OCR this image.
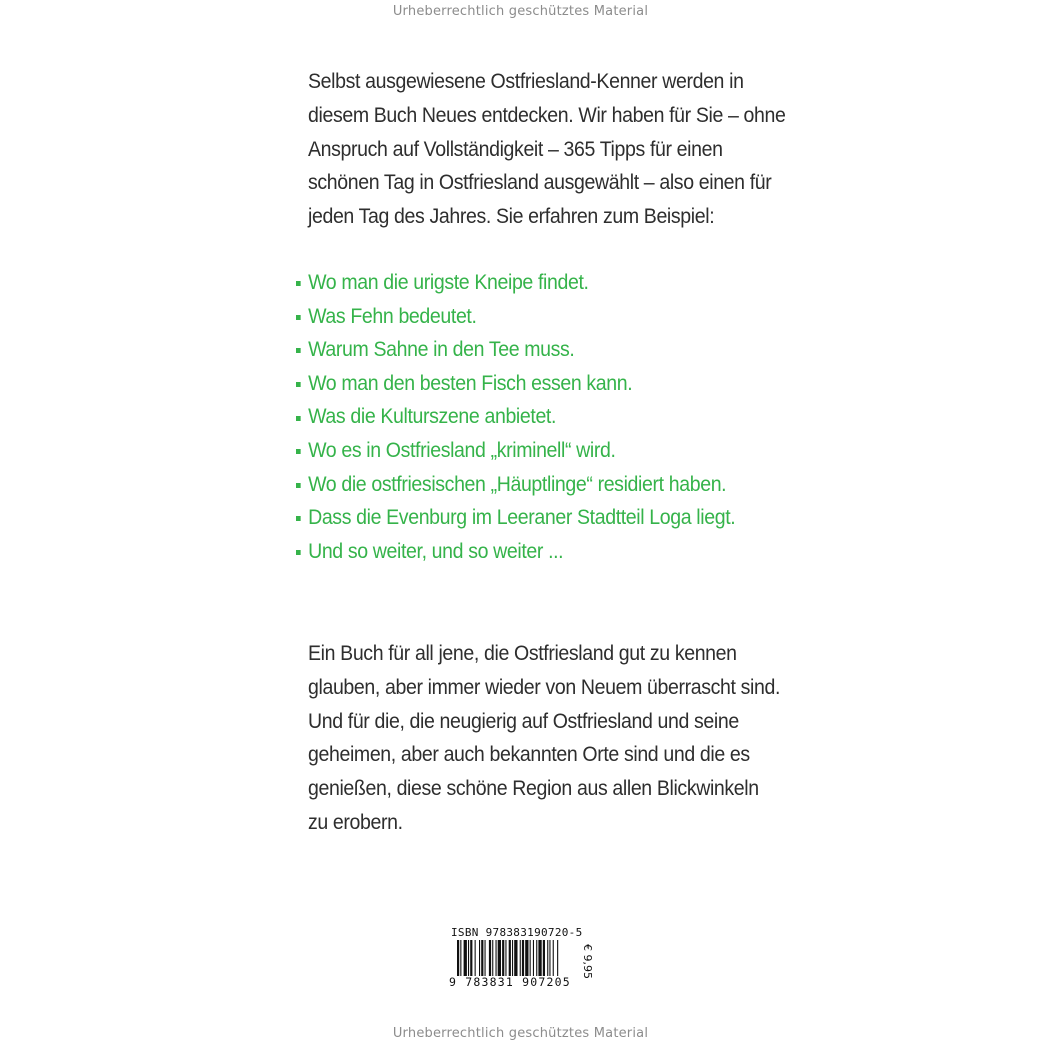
Urheberrechtlich geschütztes Material
Selbst ausgewiesene Ostfriesland-Kenner werden in
diesem Buch Neues entdecken. Wir haben für Sie – ohne
Anspruch auf Vollständigkeit – 365 Tipps für einen
schönen Tag in Ostfriesland ausgewählt – also einen für
jeden Tag des Jahres. Sie erfahren zum Beispiel:
Wo man die urigste Kneipe findet.
Was Fehn bedeutet.
Warum Sahne in den Tee muss.
Wo man den besten Fisch essen kann.
Was die Kulturszene anbietet.
Wo es in Ostfriesland „kriminell“ wird.
Wo die ostfriesischen „Häuptlinge“ residiert haben.
Dass die Evenburg im Leeraner Stadtteil Loga liegt.
Und so weiter, und so weiter ...
Ein Buch für all jene, die Ostfriesland gut zu kennen
glauben, aber immer wieder von Neuem überrascht sind.
Und für die, die neugierig auf Ostfriesland und seine
geheimen, aber auch bekannten Orte sind und die es
genießen, diese schöne Region aus allen Blickwinkeln
zu erobern.
ISBN 978383190720-5
9 783831 907205
€ 9,95
Urheberrechtlich geschütztes Material
